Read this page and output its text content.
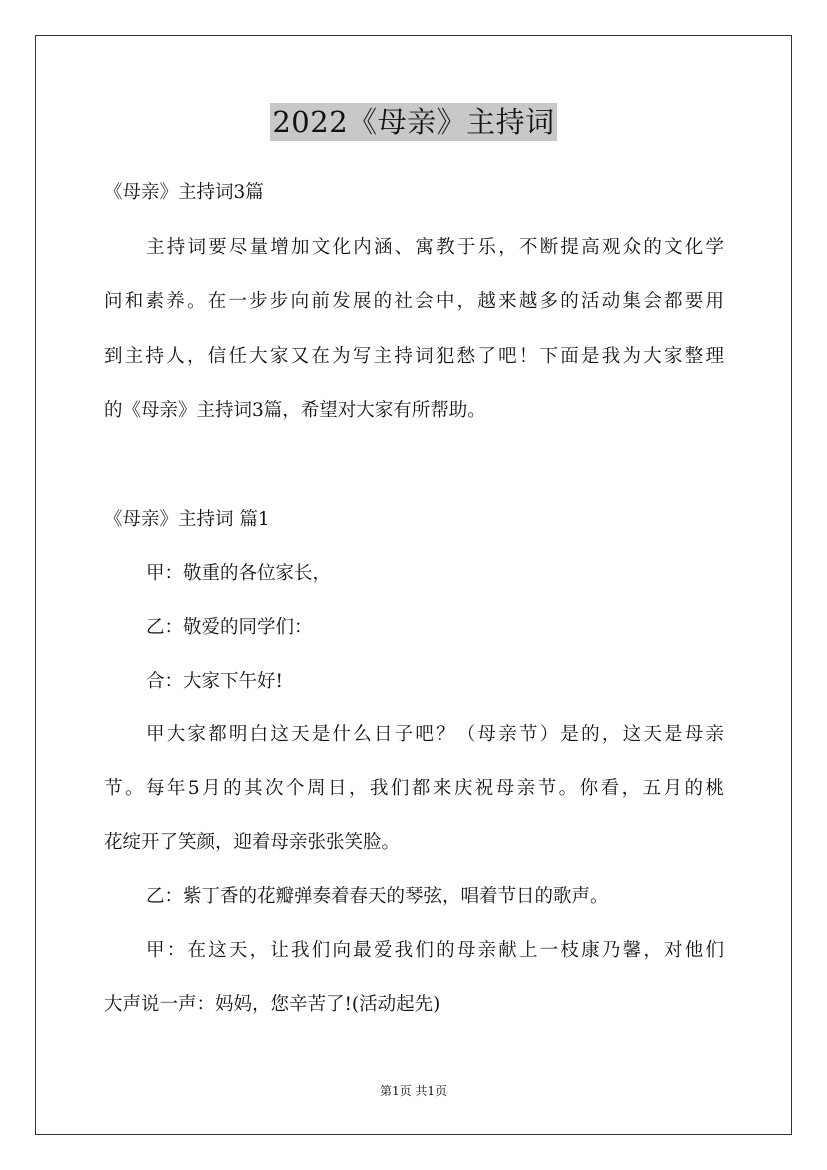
2022《母亲》主持词

《母亲》主持词3篇

主持词要尽量增加文化内涵、寓教于乐，不断提高观众的文化学

问和素养。在一步步向前发展的社会中，越来越多的活动集会都要用

到主持人，信任大家又在为写主持词犯愁了吧！下面是我为大家整理

的《母亲》主持词3篇，希望对大家有所帮助。

《母亲》主持词 篇1

甲：敬重的各位家长，

乙：敬爱的同学们：

合：大家下午好!

甲大家都明白这天是什么日子吧？（母亲节）是的，这天是母亲

节。每年5月的其次个周日，我们都来庆祝母亲节。你看，五月的桃

花绽开了笑颜，迎着母亲张张笑脸。

乙：紫丁香的花瓣弹奏着春天的琴弦，唱着节日的歌声。

甲：在这天，让我们向最爱我们的母亲献上一枝康乃馨，对他们

大声说一声：妈妈，您辛苦了!(活动起先)

第1页 共1页
